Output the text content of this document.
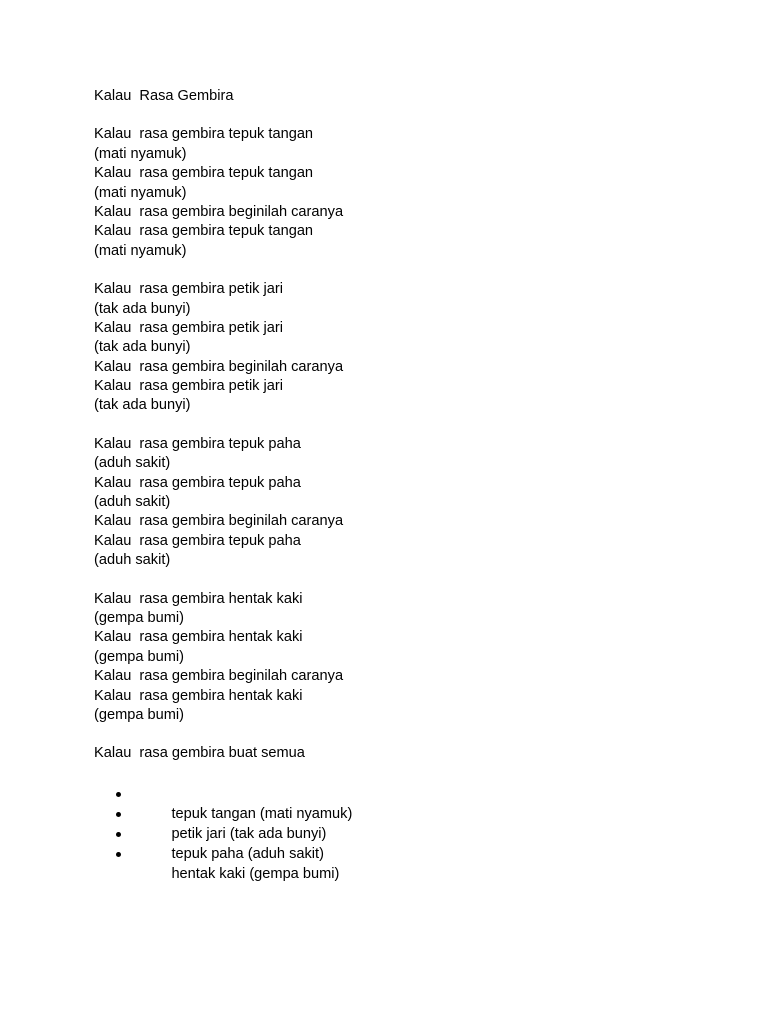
Kalau  Rasa Gembira
Kalau  rasa gembira tepuk tangan
(mati nyamuk)
Kalau  rasa gembira tepuk tangan
(mati nyamuk)
Kalau  rasa gembira beginilah caranya
Kalau  rasa gembira tepuk tangan
(mati nyamuk)
Kalau  rasa gembira petik jari
(tak ada bunyi)
Kalau  rasa gembira petik jari
(tak ada bunyi)
Kalau  rasa gembira beginilah caranya
Kalau  rasa gembira petik jari
(tak ada bunyi)
Kalau  rasa gembira tepuk paha
(aduh sakit)
Kalau  rasa gembira tepuk paha
(aduh sakit)
Kalau  rasa gembira beginilah caranya
Kalau  rasa gembira tepuk paha
(aduh sakit)
Kalau  rasa gembira hentak kaki
(gempa bumi)
Kalau  rasa gembira hentak kaki
(gempa bumi)
Kalau  rasa gembira beginilah caranya
Kalau  rasa gembira hentak kaki
(gempa bumi)
Kalau  rasa gembira buat semua

tepuk tangan (mati nyamuk)

petik jari (tak ada bunyi)

tepuk paha (aduh sakit)

hentak kaki (gempa bumi)
